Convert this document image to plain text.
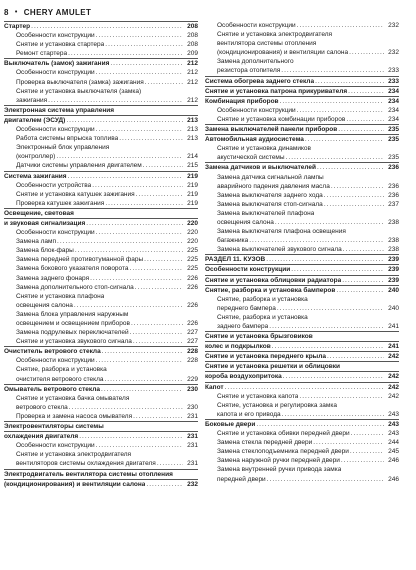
8 • CHERY AMULET
Стартер .....	208
Особенности конструкции .....	208
Снятие и установка стартера .....	208
Ремонт стартера .....	209
Выключатель (замок) зажигания .....	212
Особенности конструкции .....	212
Проверка выключателя (замка) зажигания .....	212
Снятие и установка выключателя (замка)
зажигания .....	212
Электронная система управления
двигателем (ЭСУД) .....	213
Особенности конструкции .....	213
Работа системы впрыска топлива .....	213
Электронный блок управления
(контроллер) .....	214
Датчики системы управления двигателем .....	215
Система зажигания .....	219
Особенности устройства .....	219
Снятие и установка катушек зажигания .....	219
Проверка катушек зажигания .....	219
Освещение, световая
и звуковая сигнализация .....	220
Особенности конструкции .....	220
Замена ламп .....	220
Замена блок-фары .....	225
Замена передней противотуманной фары .....	225
Замена бокового указателя поворота .....	225
Замена заднего фонаря .....	226
Замена дополнительного стоп-сигнала .....	226
Снятие и установка плафона
освещения салона .....	226
Замена блока управления наружным
освещением и освещением приборов .....	226
Замена подрулевых переключателей .....	227
Снятие и установка звукового сигнала .....	227
Очиститель ветрового стекла .....	228
Особенности конструкции .....	228
Снятие, разборка и установка
очистителя ветрового стекла .....	229
Омыватель ветрового стекла .....	230
Снятие и установка бачка омывателя
ветрового стекла .....	230
Проверка и замена насоса омывателя .....	231
Электровентиляторы системы
охлаждения двигателя .....	231
Особенности конструкции .....	231
Снятие и установка электродвигателя
вентиляторов системы охлаждения двигателя .....	231
Электродвигатель вентилятора системы отопления
(кондиционирования) и вентиляции салона .....	232
Особенности конструкции .....	232
Снятие и установка электродвигателя
вентилятора системы отопления
(кондиционирования) и вентиляции салона .....	232
Замена дополнительного
резистора отопителя .....	233
Система обогрева заднего стекла .....	233
Снятие и установка патрона прикуривателя .....	234
Комбинация приборов .....	234
Особенности конструкции .....	234
Снятие и установка комбинации приборов .....	234
Замена выключателей панели приборов .....	235
Автомобильная аудиосистема .....	235
Снятие и установка динамиков
акустической системы .....	235
Замена датчиков и выключателей .....	236
Замена датчика сигнальной лампы
аварийного падения давления масла .....	236
Замена выключателя заднего хода .....	236
Замена выключателя стоп-сигнала .....	237
Замена выключателей плафона
освещения салона .....	238
Замена выключателя плафона освещения
багажника .....	238
Замена выключателей звукового сигнала .....	238
РАЗДЕЛ 11. КУЗОВ .....	239
Особенности конструкции .....	239
Снятие и установка облицовки радиатора .....	239
Снятие, разборка и установка бамперов .....	240
Снятие, разборка и установка
переднего бампера .....	240
Снятие, разборка и установка
заднего бампера .....	241
Снятие и установка брызговиков
колес и подкрылков .....	241
Снятие и установка переднего крыла .....	242
Снятие и установка решетки и облицовки
короба воздухопритока .....	242
Капот .....	242
Снятие и установка капота .....	242
Снятие, установка и регулировка замка
капота и его привода .....	243
Боковые двери .....	243
Снятие и установка обивки передней двери .....	243
Замена стекла передней двери .....	244
Замена стеклоподъемника передней двери .....	245
Замена наружной ручки передней двери .....	246
Замена внутренней ручки привода замка
передней двери .....	246
